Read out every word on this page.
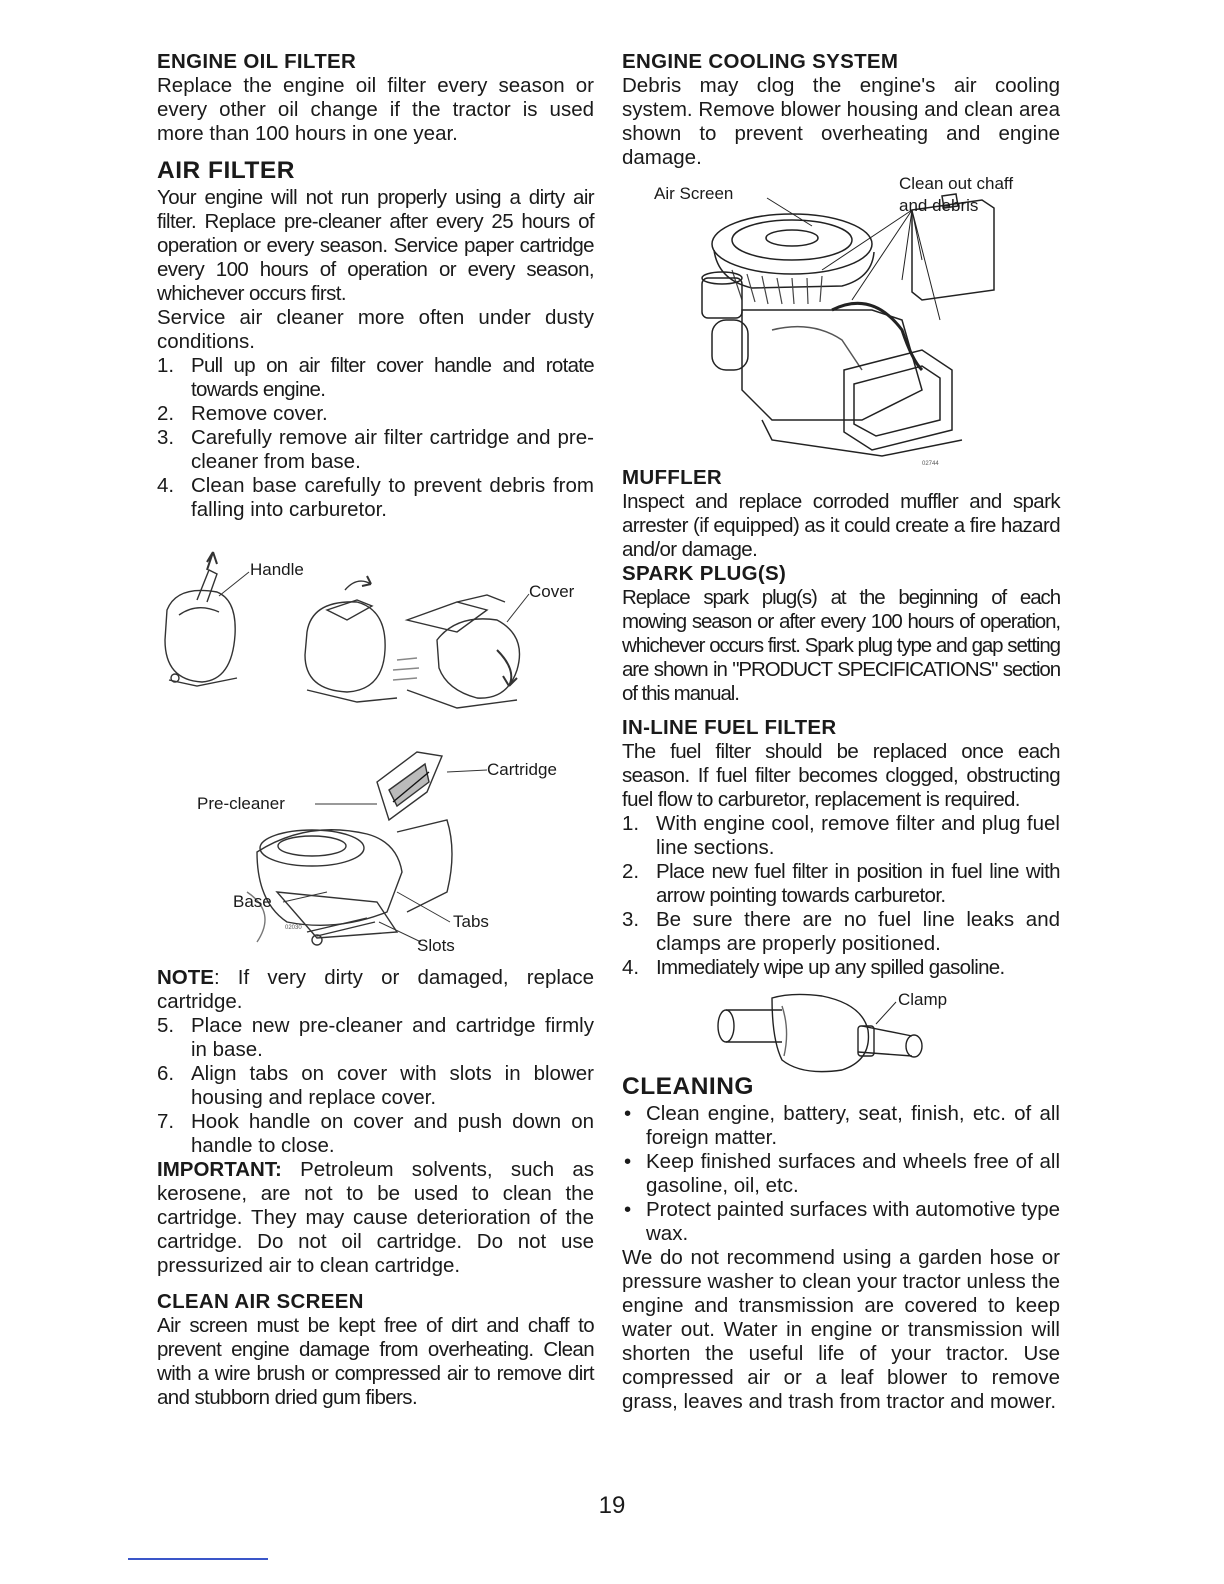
ENGINE OIL FILTER

Replace the engine oil filter every season or every other oil change if the tractor is used more than 100 hours in one year.

AIR FILTER

Your engine will not run properly using a dirty air filter. Replace pre-cleaner after every 25 hours of operation or every season. Service paper cartridge every 100 hours of operation or every season, whichever occurs first.

Service air cleaner more often under dusty conditions.

1. Pull up on air filter cover handle and rotate towards engine.
2. Remove cover.
3. Carefully remove air filter cartridge and pre-cleaner from base.
4. Clean base carefully to prevent debris from falling into carburetor.
Handle
Cover
Cartridge
Pre-cleaner
Base
Tabs
Slots
02030

NOTE: If very dirty or damaged, replace cartridge.

5. Place new pre-cleaner and cartridge firmly in base.
6. Align tabs on cover with slots in blower housing and replace cover.
7. Hook handle on cover and push down on handle to close.

IMPORTANT: Petroleum solvents, such as kerosene, are not to be used to clean the cartridge. They may cause deterioration of the cartridge. Do not oil cartridge. Do not use pressurized air to clean cartridge.

CLEAN AIR SCREEN

Air screen must be kept free of dirt and chaff to prevent engine damage from overheating. Clean with a wire brush or compressed air to remove dirt and stubborn dried gum fibers.

ENGINE COOLING SYSTEM

Debris may clog the engine's air cooling system. Remove blower housing and clean area shown to prevent overheating and engine damage.

Air Screen
Clean out chaff
and debris
02744
MUFFLER

Inspect and replace corroded muffler and spark arrester (if equipped) as it could create a fire hazard and/or damage.

SPARK PLUG(S)

Replace spark plug(s) at the beginning of each mowing season or after every 100 hours of operation, whichever occurs first. Spark plug type and gap setting are shown in "PRODUCT SPECIFICATIONS" section of this manual.

IN-LINE FUEL FILTER

The fuel filter should be replaced once each season. If fuel filter becomes clogged, obstructing fuel flow to carburetor, replacement is required.

1. With engine cool, remove filter and plug fuel line sections.
2. Place new fuel filter in position in fuel line with arrow pointing towards carburetor.
3. Be sure there are no fuel line leaks and clamps are properly positioned.
4. Immediately wipe up any spilled gasoline.
Clamp
CLEANING
• Clean engine, battery, seat, finish, etc. of all foreign matter.
• Keep finished surfaces and wheels free of all gasoline, oil, etc.
• Protect painted surfaces with automotive type wax.

We do not recommend using a garden hose or pressure washer to clean your tractor unless the engine and transmission are covered to keep water out. Water in engine or transmission will shorten the useful life of your tractor. Use compressed air or a leaf blower to remove grass, leaves and trash from tractor and mower.

19
